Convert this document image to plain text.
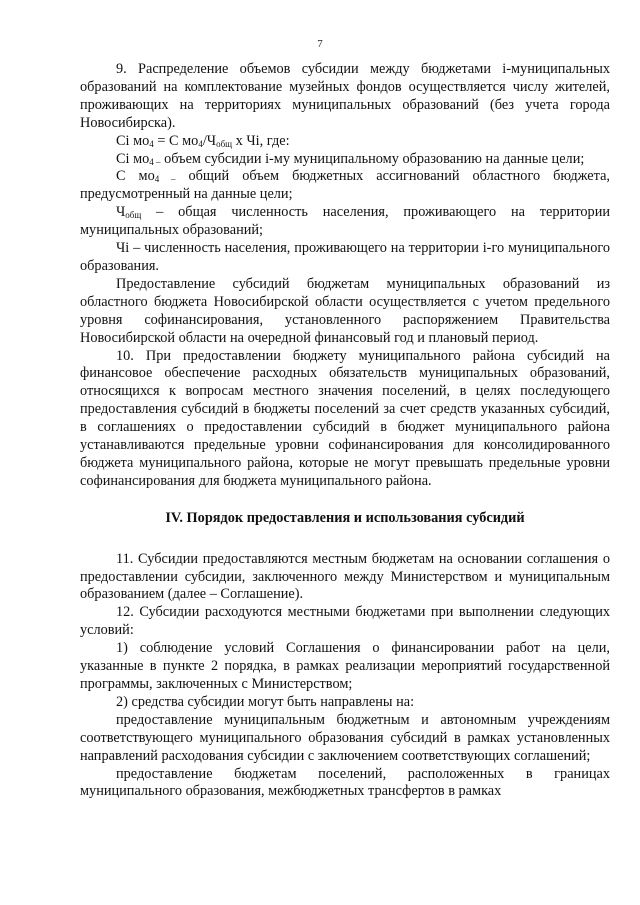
7

9. Распределение объемов субсидии между бюджетами i-муниципальных образований на комплектование музейных фондов осуществляется числу жителей, проживающих на территориях муниципальных образований (без учета города Новосибирска).

Ci $мо_4 = C$ $мо_4/Ч_{общ}$ x Чi, где:

Ci $мо_{4 -}$ объем субсидии i-му муниципальному образованию на данные цели;

C $мо_{4 -}$ общий объем бюджетных ассигнований областного бюджета, предусмотренный на данные цели;

$Ч_{общ}$ – общая численность населения, проживающего на территории муниципальных образований;

Чi – численность населения, проживающего на территории i-го муниципального образования.

Предоставление субсидий бюджетам муниципальных образований из областного бюджета Новосибирской области осуществляется с учетом предельного уровня софинансирования, установленного распоряжением Правительства Новосибирской области на очередной финансовый год и плановый период.

10. При предоставлении бюджету муниципального района субсидий на финансовое обеспечение расходных обязательств муниципальных образований, относящихся к вопросам местного значения поселений, в целях последующего предоставления субсидий в бюджеты поселений за счет средств указанных субсидий, в соглашениях о предоставлении субсидий в бюджет муниципального района устанавливаются предельные уровни софинансирования для консолидированного бюджета муниципального района, которые не могут превышать предельные уровни софинансирования для бюджета муниципального района.

IV. Порядок предоставления и использования субсидий

11. Субсидии предоставляются местным бюджетам на основании соглашения о предоставлении субсидии, заключенного между Министерством и муниципальным образованием (далее – Соглашение).

12. Субсидии расходуются местными бюджетами при выполнении следующих условий:

1) соблюдение условий Соглашения о финансировании работ на цели, указанные в пункте 2 порядка, в рамках реализации мероприятий государственной программы, заключенных с Министерством;

2) средства субсидии могут быть направлены на:

предоставление муниципальным бюджетным и автономным учреждениям соответствующего муниципального образования субсидий в рамках установленных направлений расходования субсидии с заключением соответствующих соглашений;

предоставление бюджетам поселений, расположенных в границах муниципального образования, межбюджетных трансфертов в рамках
